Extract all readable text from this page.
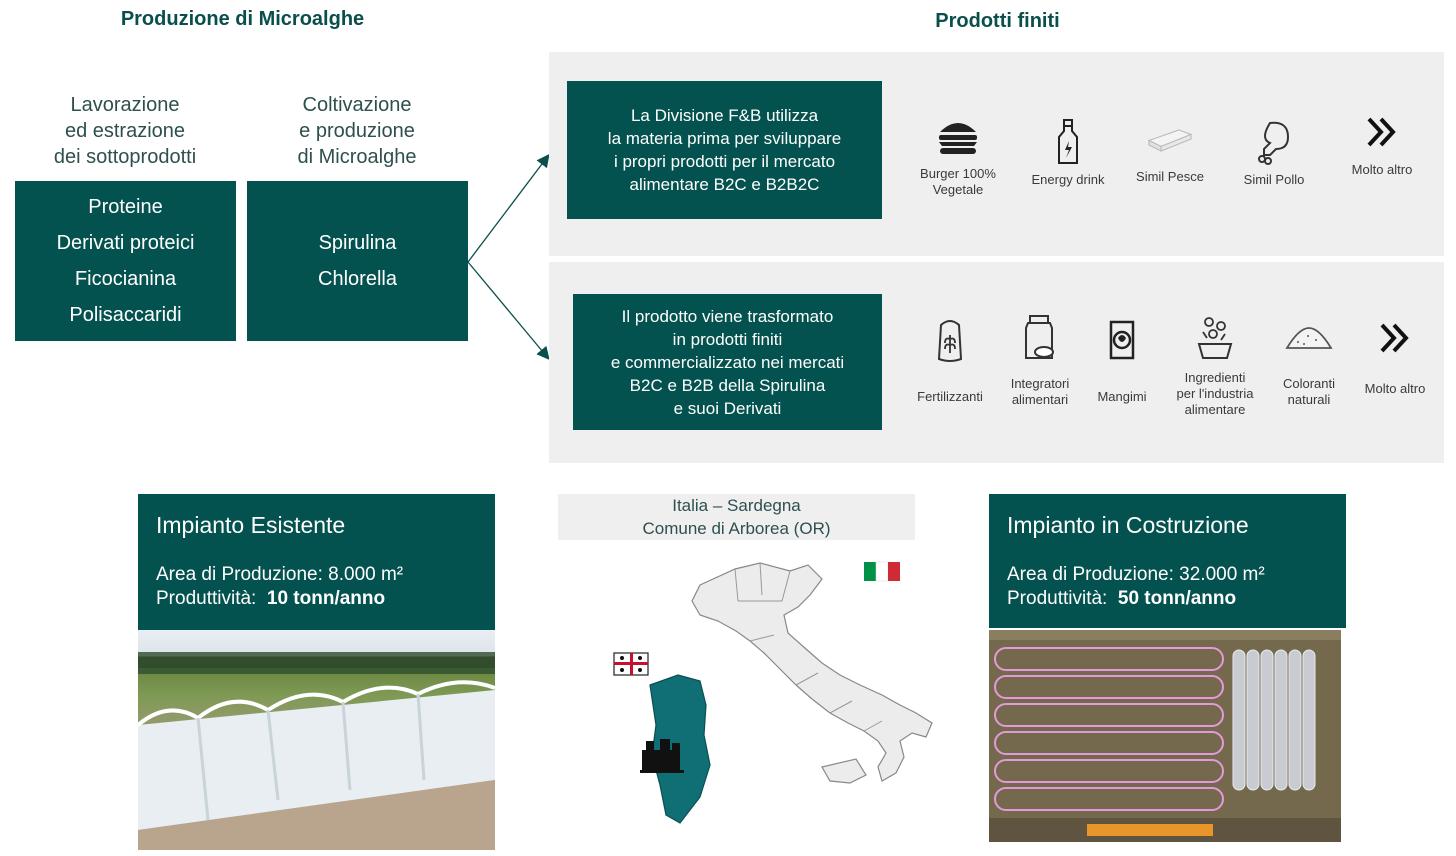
Produzione di Microalghe	Prodotti finiti
Lavorazione
ed estrazione
dei sottoprodotti
Coltivazione
e produzione
di Microalghe
Proteine
Derivati proteici
Ficocianina
Polisaccaridi
Spirulina
Chlorella
La Divisione F&B utilizza
la materia prima per sviluppare
i propri prodotti per il mercato
alimentare B2C e B2B2C
Burger 100%
Vegetale
Energy drink Simil Pesce	Simil Pollo
Molto altro
Il prodotto viene trasformato
in prodotti finiti
e commercializzato nei mercati
B2C e B2B della Spirulina
e suoi Derivati
Fertilizzanti
Integratori
alimentari Mangimi
Ingredienti
per l'industria
alimentare
Coloranti
naturali
Molto altro
Impianto Esistente
Area di Produzione: 8.000 m²
Produttività: 10 tonn/anno
Italia – Sardegna
Comune di Arborea (OR)	Impianto in Costruzione
Area di Produzione: 32.000 m²
Produttività: 50 tonn/anno
